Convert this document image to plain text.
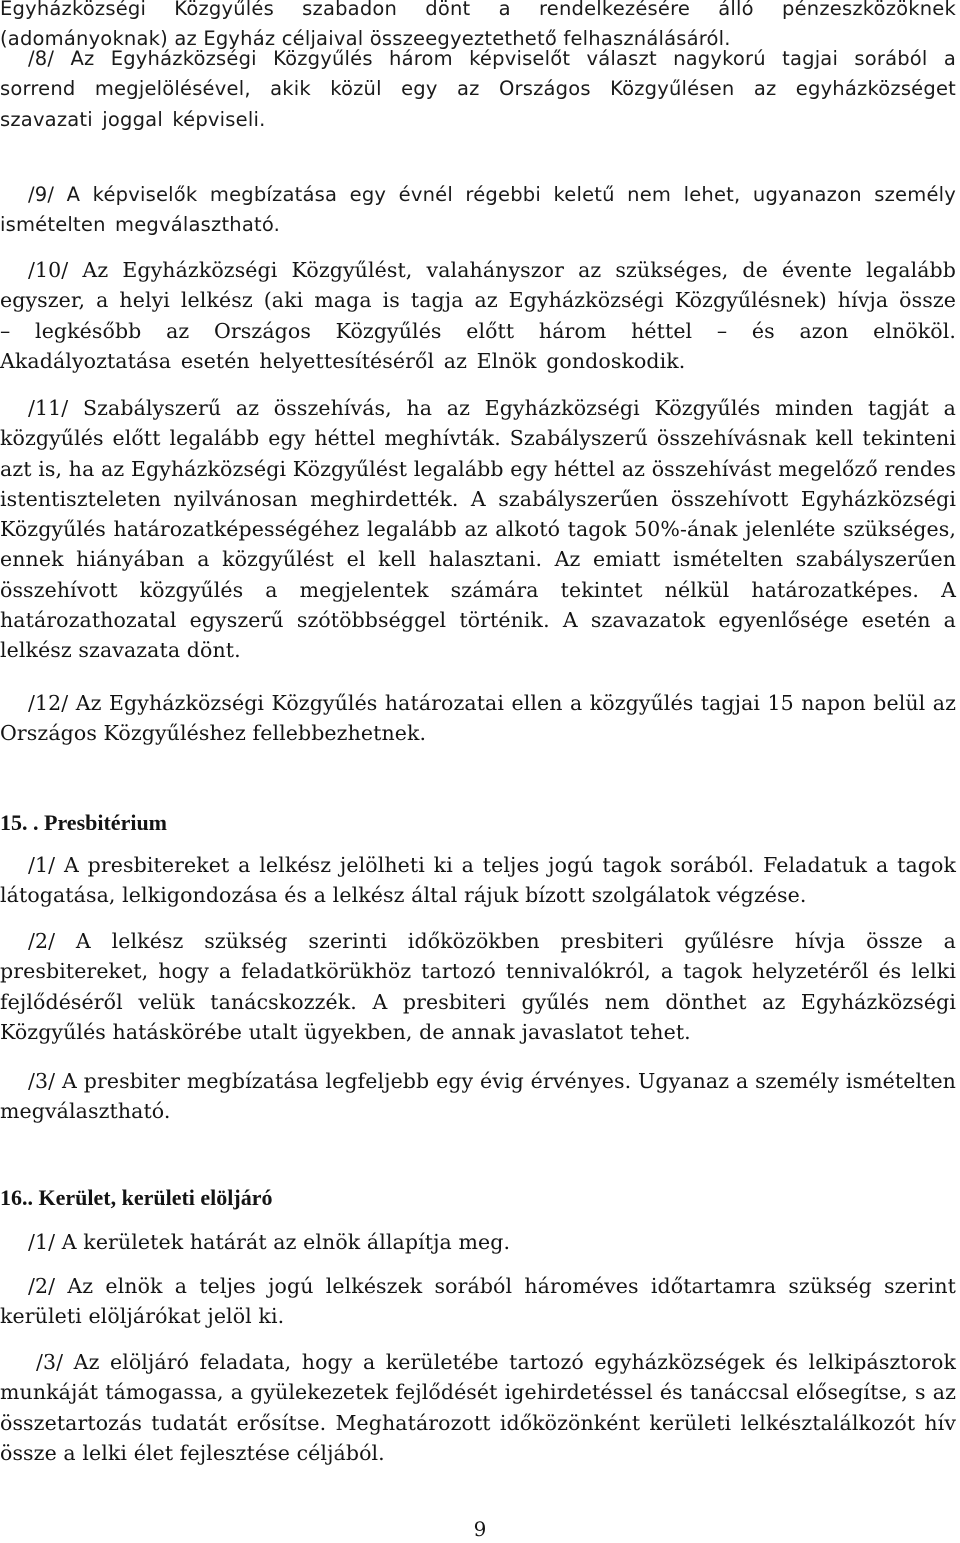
Egyházközségi Közgyűlés szabadon dönt a rendelkezésére álló pénzeszközöknek (adományoknak) az Egyház céljaival összeegyeztethető felhasználásáról.

/8/ Az Egyházközségi Közgyűlés három képviselőt választ nagykorú tagjai sorából a sorrend megjelölésével, akik közül egy az Országos Közgyűlésen az egyházközséget szavazati joggal képviseli.

/9/ A képviselők megbízatása egy évnél régebbi keletű nem lehet, ugyanazon személy ismételten megválasztható.

/10/ Az Egyházközségi Közgyűlést, valahányszor az szükséges, de évente legalább egyszer, a helyi lelkész (aki maga is tagja az Egyházközségi Közgyűlésnek) hívja össze – legkésőbb az Országos Közgyűlés előtt három héttel – és azon elnököl. Akadályoztatása esetén helyettesítéséről az Elnök gondoskodik.

/11/ Szabályszerű az összehívás, ha az Egyházközségi Közgyűlés minden tagját a közgyűlés előtt legalább egy héttel meghívták. Szabályszerű összehívásnak kell tekinteni azt is, ha az Egyházközségi Közgyűlést legalább egy héttel az összehívást megelőző rendes istentiszteleten nyilvánosan meghirdették. A szabályszerűen összehívott Egyházközségi Közgyűlés határozatképességéhez legalább az alkotó tagok 50%-ának jelenléte szükséges, ennek hiányában a közgyűlést el kell halasztani. Az emiatt ismételten szabályszerűen összehívott közgyűlés a megjelentek számára tekintet nélkül határozatképes. A határozathozatal egyszerű szótöbbséggel történik. A szavazatok egyenlősége esetén a lelkész szavazata dönt.

/12/ Az Egyházközségi Közgyűlés határozatai ellen a közgyűlés tagjai 15 napon belül az Országos Közgyűléshez fellebbezhetnek.

15. . Presbitérium

/1/ A presbitereket a lelkész jelölheti ki a teljes jogú tagok sorából. Feladatuk a tagok látogatása, lelkigondozása és a lelkész által rájuk bízott szolgálatok végzése.

/2/ A lelkész szükség szerinti időközökben presbiteri gyűlésre hívja össze a presbitereket, hogy a feladatkörükhöz tartozó tennivalókról, a tagok helyzetéről és lelki fejlődéséről velük tanácskozzék. A presbiteri gyűlés nem dönthet az Egyházközségi Közgyűlés hatáskörébe utalt ügyekben, de annak javaslatot tehet.

/3/ A presbiter megbízatása legfeljebb egy évig érvényes. Ugyanaz a személy ismételten megválasztható.

16.. Kerület, kerületi elöljáró

/1/ A kerületek határát az elnök állapítja meg.

/2/ Az elnök a teljes jogú lelkészek sorából hároméves időtartamra szükség szerint kerületi elöljárókat jelöl ki.

/3/ Az elöljáró feladata, hogy a kerületébe tartozó egyházközségek és lelkipásztorok munkáját támogassa, a gyülekezetek fejlődését igehirdetéssel és tanáccsal elősegítse, s az összetartozás tudatát erősítse. Meghatározott időközönként kerületi lelkésztalálkozót hív össze a lelki élet fejlesztése céljából.

9
